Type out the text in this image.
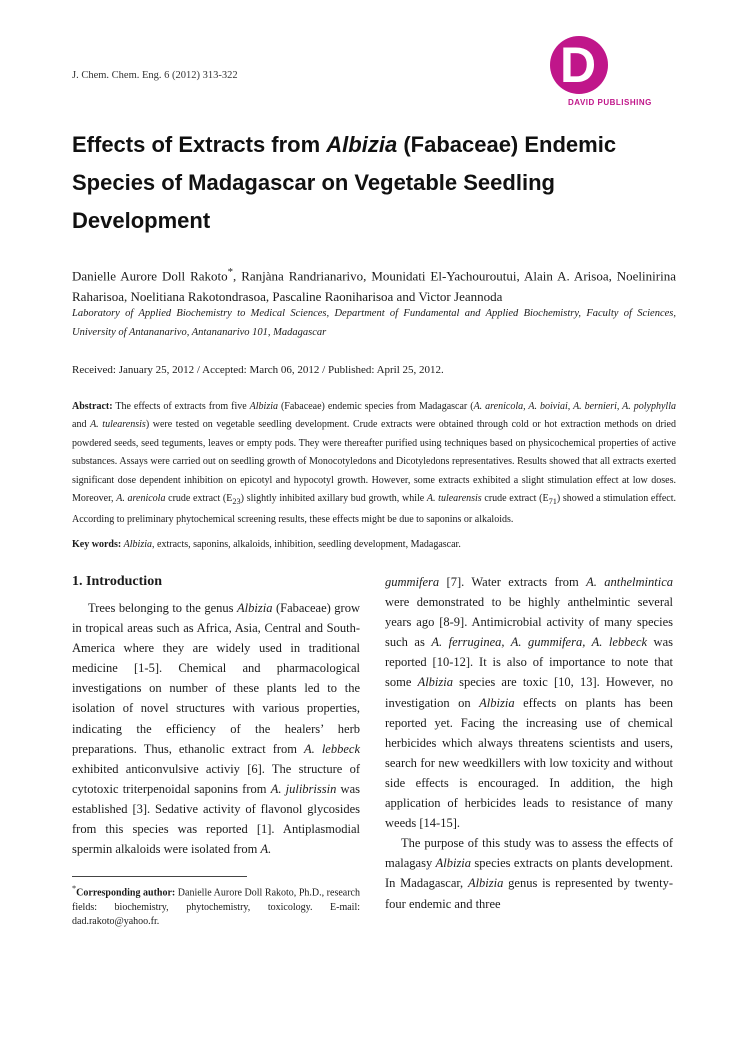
J. Chem. Chem. Eng. 6 (2012) 313-322	D
DAVID PUBLISHING
Effects of Extracts from Albizia (Fabaceae) Endemic Species of Madagascar on Vegetable Seedling Development
Danielle Aurore Doll Rakoto*, Ranjàna Randrianarivo, Mounidati El-Yachouroutui, Alain A. Arisoa, Noelinirina Raharisoa, Noelitiana Rakotondrasoa, Pascaline Raoniharisoa and Victor Jeannoda
Laboratory of Applied Biochemistry to Medical Sciences, Department of Fundamental and Applied Biochemistry, Faculty of Sciences, University of Antananarivo, Antananarivo 101, Madagascar
Received: January 25, 2012 / Accepted: March 06, 2012 / Published: April 25, 2012.
Abstract: The effects of extracts from five Albizia (Fabaceae) endemic species from Madagascar (A. arenicola, A. boiviai, A. bernieri, A. polyphylla and A. tulearensis) were tested on vegetable seedling development. Crude extracts were obtained through cold or hot extraction methods on dried powdered seeds, seed teguments, leaves or empty pods. They were thereafter purified using techniques based on physicochemical properties of active substances. Assays were carried out on seedling growth of Monocotyledons and Dicotyledons representatives. Results showed that all extracts exerted significant dose dependent inhibition on epicotyl and hypocotyl growth. However, some extracts exhibited a slight stimulation effect at low doses. Moreover, A. arenicola crude extract $(E_{23})$ slightly inhibited axillary bud growth, while A. tulearensis crude extract $(E_{71})$ showed a stimulation effect. According to preliminary phytochemical screening results, these effects might be due to saponins or alkaloids.
Key words: Albizia, extracts, saponins, alkaloids, inhibition, seedling development, Madagascar.
1. Introduction

Trees belonging to the genus Albizia (Fabaceae) grow in tropical areas such as Africa, Asia, Central and South-America where they are widely used in traditional medicine [1-5]. Chemical and pharmacological investigations on number of these plants led to the isolation of novel structures with various properties, indicating the efficiency of the healers’ herb preparations. Thus, ethanolic extract from A. lebbeck exhibited anticonvulsive activiy [6]. The structure of cytotoxic triterpenoidal saponins from A. julibrissin was established [3]. Sedative activity of flavonol glycosides from this species was reported [1]. Antiplasmodial spermin alkaloids were isolated from A.

gummifera [7]. Water extracts from A. anthelmintica were demonstrated to be highly anthelmintic several years ago [8-9]. Antimicrobial activity of many species such as A. ferruginea, A. gummifera, A. lebbeck was reported [10-12]. It is also of importance to note that some Albizia species are toxic [10, 13]. However, no investigation on Albizia effects on plants has been reported yet. Facing the increasing use of chemical herbicides which always threatens scientists and users, search for new weedkillers with low toxicity and without side effects is encouraged. In addition, the high application of herbicides leads to resistance of many weeds [14-15].

The purpose of this study was to assess the effects of malagasy Albizia species extracts on plants development. In Madagascar, Albizia genus is represented by twenty-four endemic and three

*Corresponding author: Danielle Aurore Doll Rakoto, Ph.D., research fields: biochemistry, phytochemistry, toxicology. E-mail: dad.rakoto@yahoo.fr.
